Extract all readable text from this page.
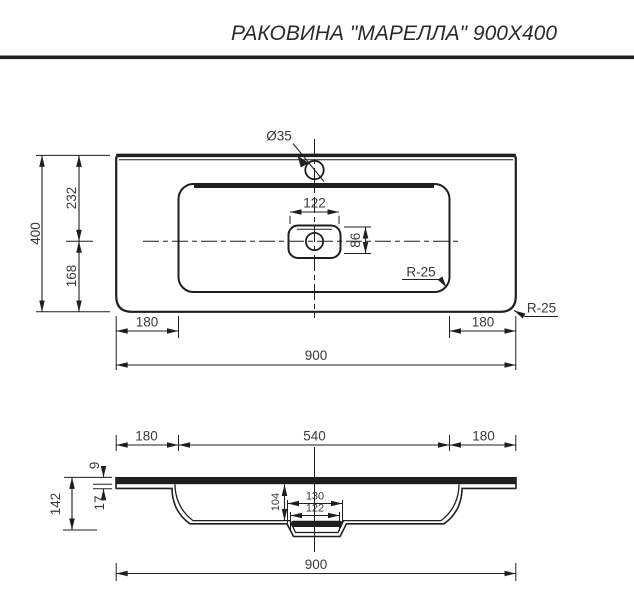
РАКОВИНА "МАРЕЛЛА" 900X400
Ø35
400
232
168
122
86
R-25
R-25
180	180
900
180	540	180
9
17
142	104 130
122
900
